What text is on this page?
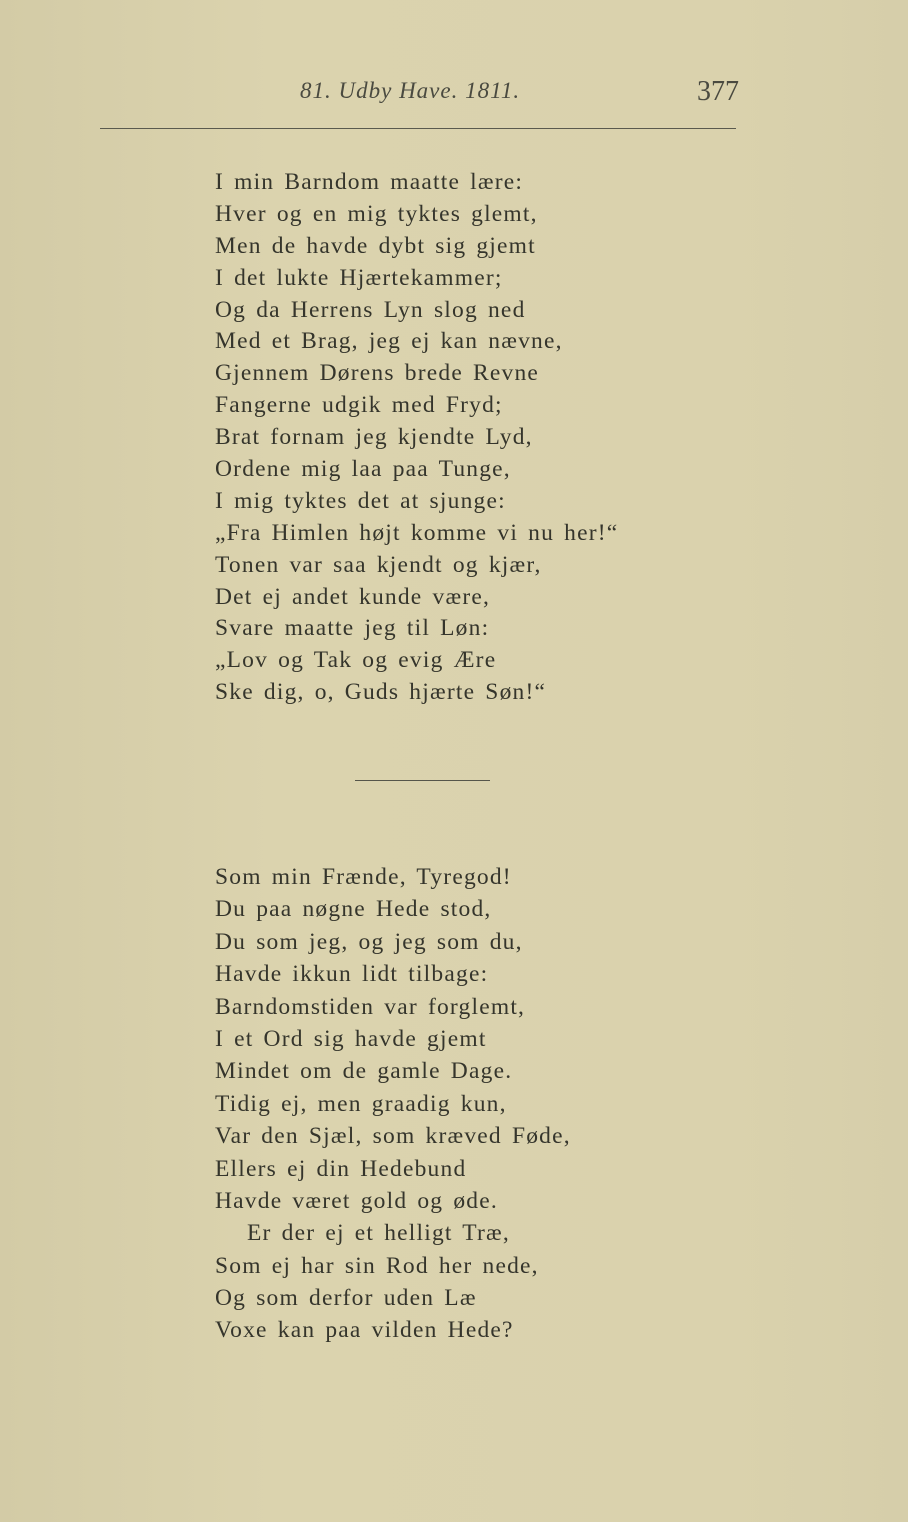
81. Udby Have. 1811.	377
I min Barndom maatte lære:
Hver og en mig tyktes glemt,
Men de havde dybt sig gjemt
I det lukte Hjærtekammer;
Og da Herrens Lyn slog ned
Med et Brag, jeg ej kan nævne,
Gjennem Dørens brede Revne
Fangerne udgik med Fryd;
Brat fornam jeg kjendte Lyd,
Ordene mig laa paa Tunge,
I mig tyktes det at sjunge:
„Fra Himlen højt komme vi nu her!“
Tonen var saa kjendt og kjær,
Det ej andet kunde være,
Svare maatte jeg til Løn:
„Lov og Tak og evig Ære
Ske dig, o, Guds hjærte Søn!“
Som min Frænde, Tyregod!
Du paa nøgne Hede stod,
Du som jeg, og jeg som du,
Havde ikkun lidt tilbage:
Barndomstiden var forglemt,
I et Ord sig havde gjemt
Mindet om de gamle Dage.
Tidig ej, men graadig kun,
Var den Sjæl, som kræved Føde,
Ellers ej din Hedebund
Havde været gold og øde.
Er der ej et helligt Træ,
Som ej har sin Rod her nede,
Og som derfor uden Læ
Voxe kan paa vilden Hede?
